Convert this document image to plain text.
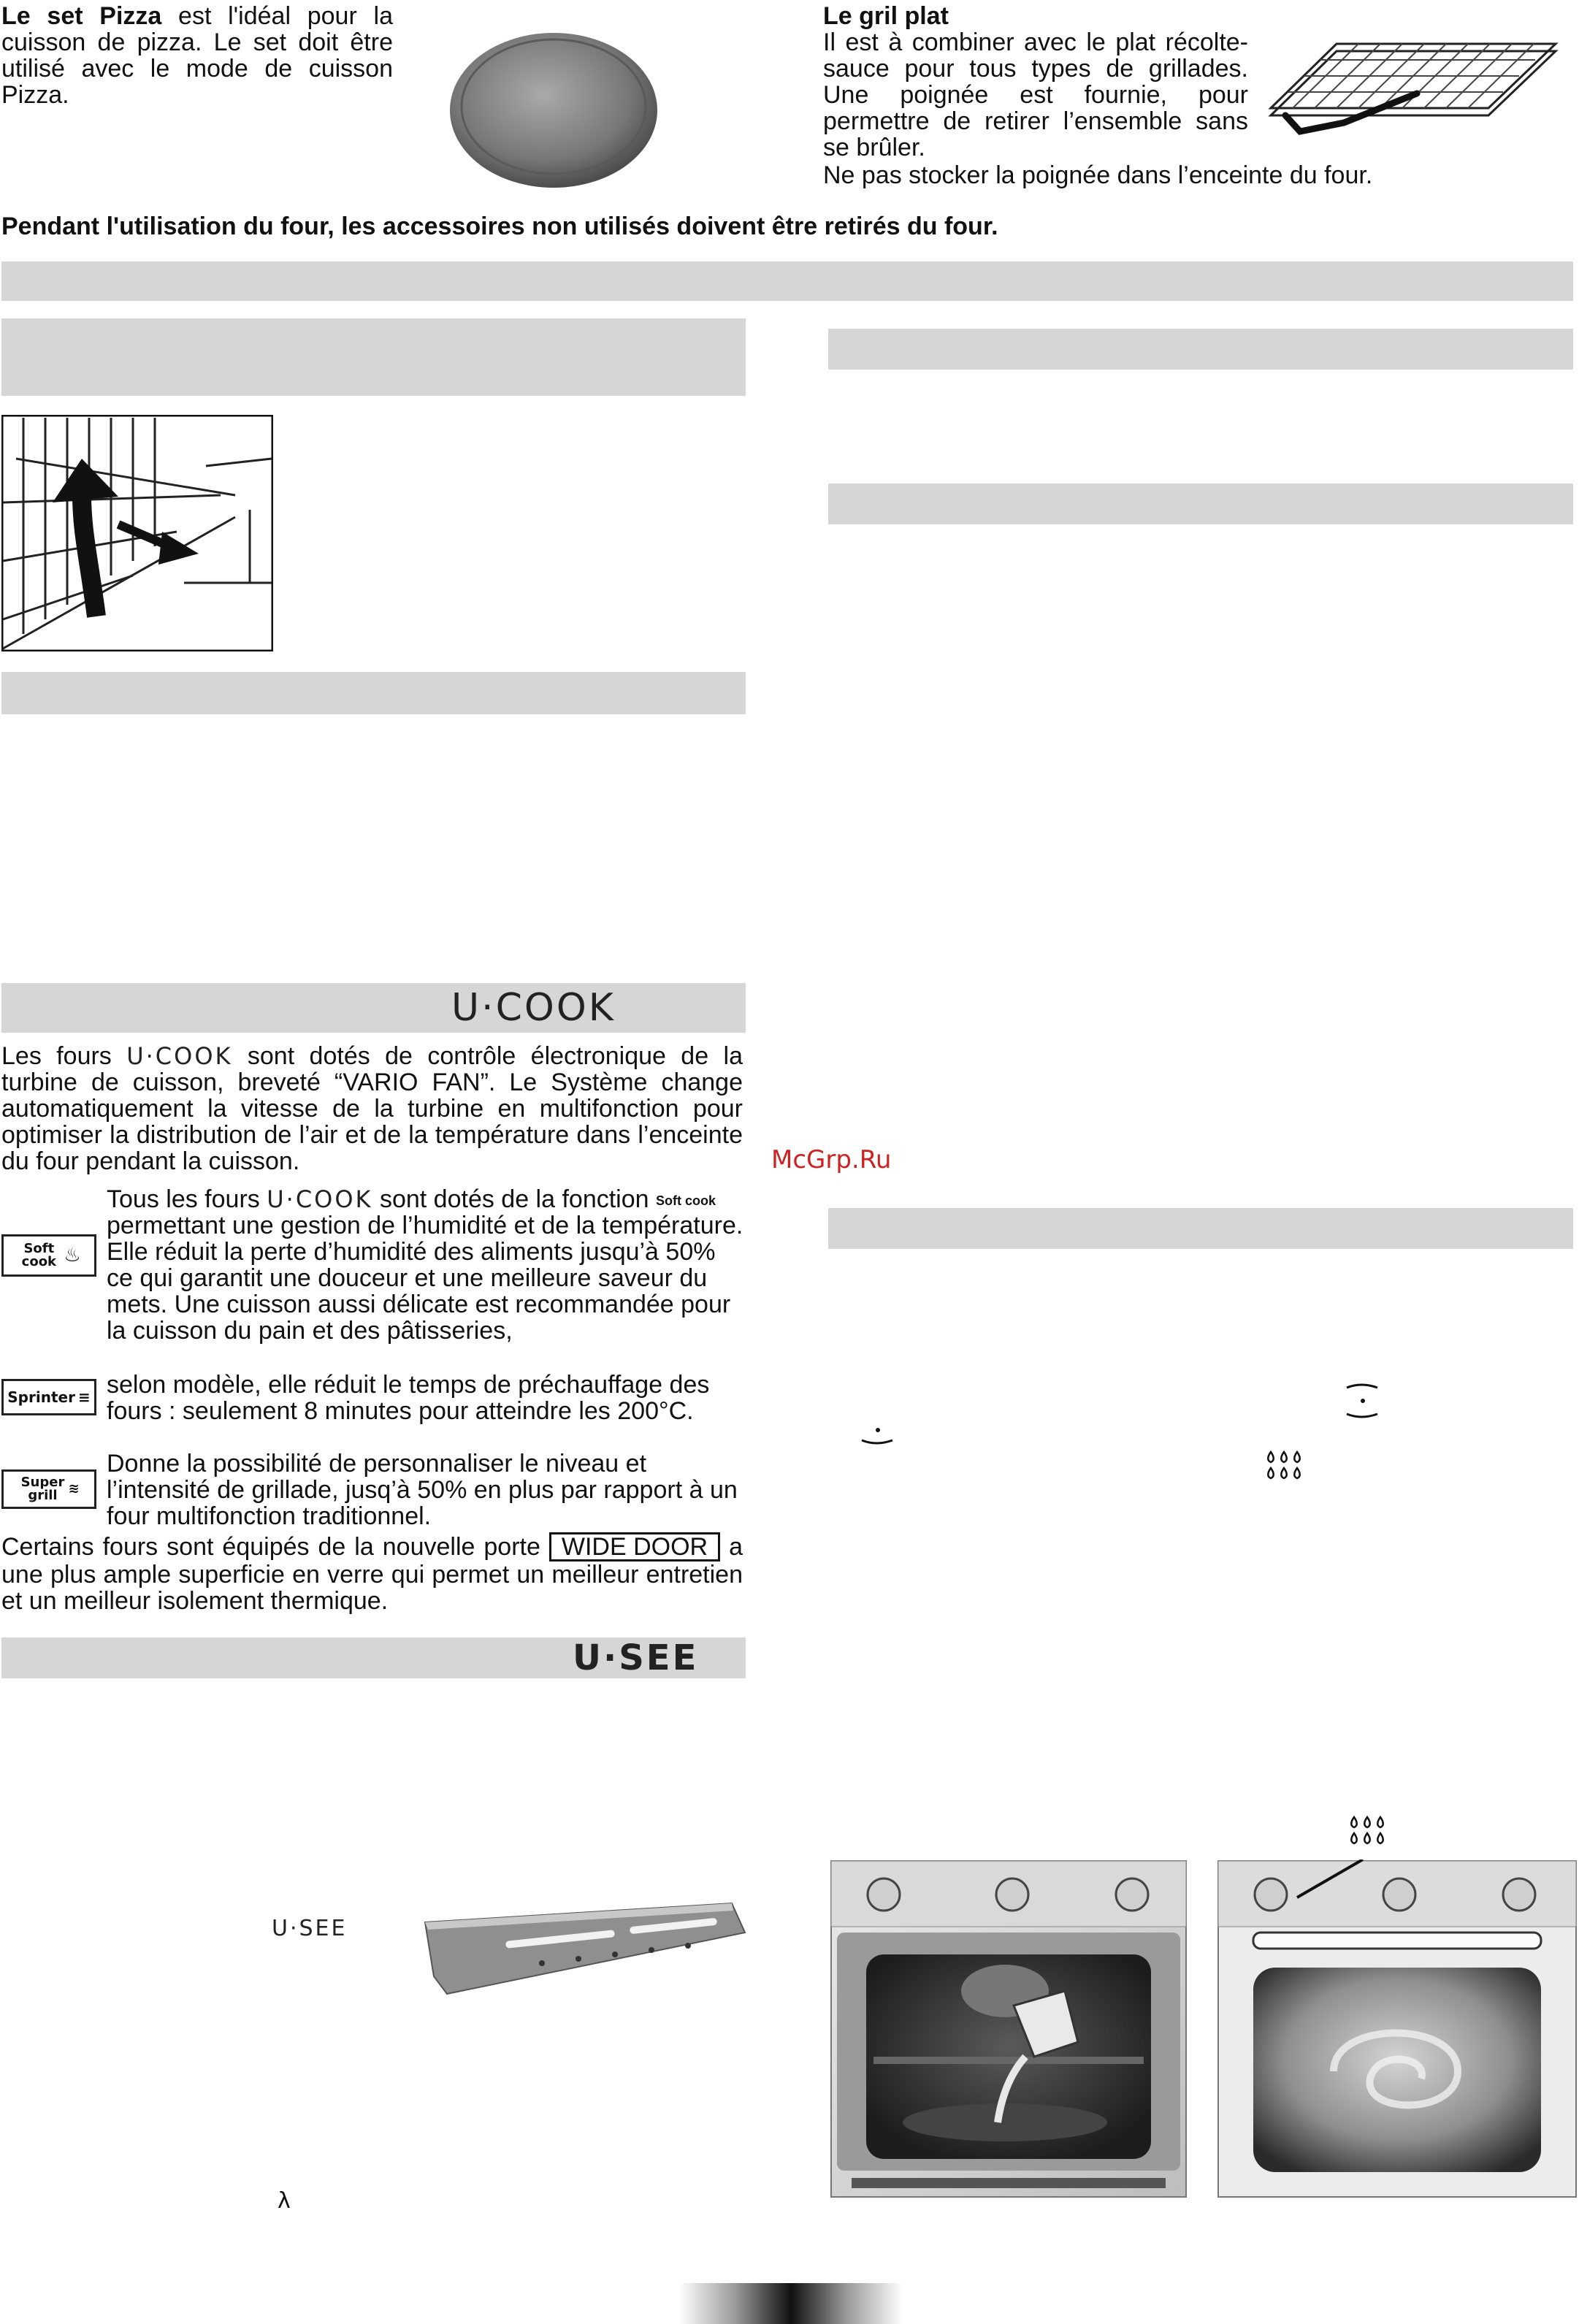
Le set Pizza est l'idéal pour la cuisson de pizza. Le set doit être utilisé avec le mode de cuisson Pizza.
Le gril plat
Il est à combiner avec le plat récolte-sauce pour tous types de grillades. Une poignée est fournie, pour permettre de retirer l’ensemble sans se brûler.
Ne pas stocker la poignée dans l’enceinte du four.
Pendant l'utilisation du four, les accessoires non utilisés doivent être retirés du four.
U·COOK
Les fours U·COOK sont dotés de contrôle électronique de la turbine de cuisson, breveté “VARIO FAN”. Le Système change automatiquement la vitesse de la turbine en multifonction pour optimiser la distribution de l’air et de la température dans l’enceinte du four pendant la cuisson.	McGrp.Ru
Soft cook ♨
Tous les fours U·COOK sont dotés de la fonction Soft cook permettant une gestion de l’humidité et de la température. Elle réduit la perte d’humidité des aliments jusqu’à 50% ce qui garantit une douceur et une meilleure saveur du mets. Une cuisson aussi délicate est recommandée pour la cuisson du pain et des pâtisseries,
Sprinter ≡ selon modèle, elle réduit le temps de préchauffage des fours : seulement 8 minutes pour atteindre les 200°C.
Super grill ≋
Donne la possibilité de personnaliser le niveau et l’intensité de grillade, jusq’à 50% en plus par rapport à un four multifonction traditionnel.
Certains fours sont équipés de la nouvelle porte WIDE DOOR a une plus ample superficie en verre qui permet un meilleur entretien et un meilleur isolement thermique.
U·SEE
U·SEE
λ
